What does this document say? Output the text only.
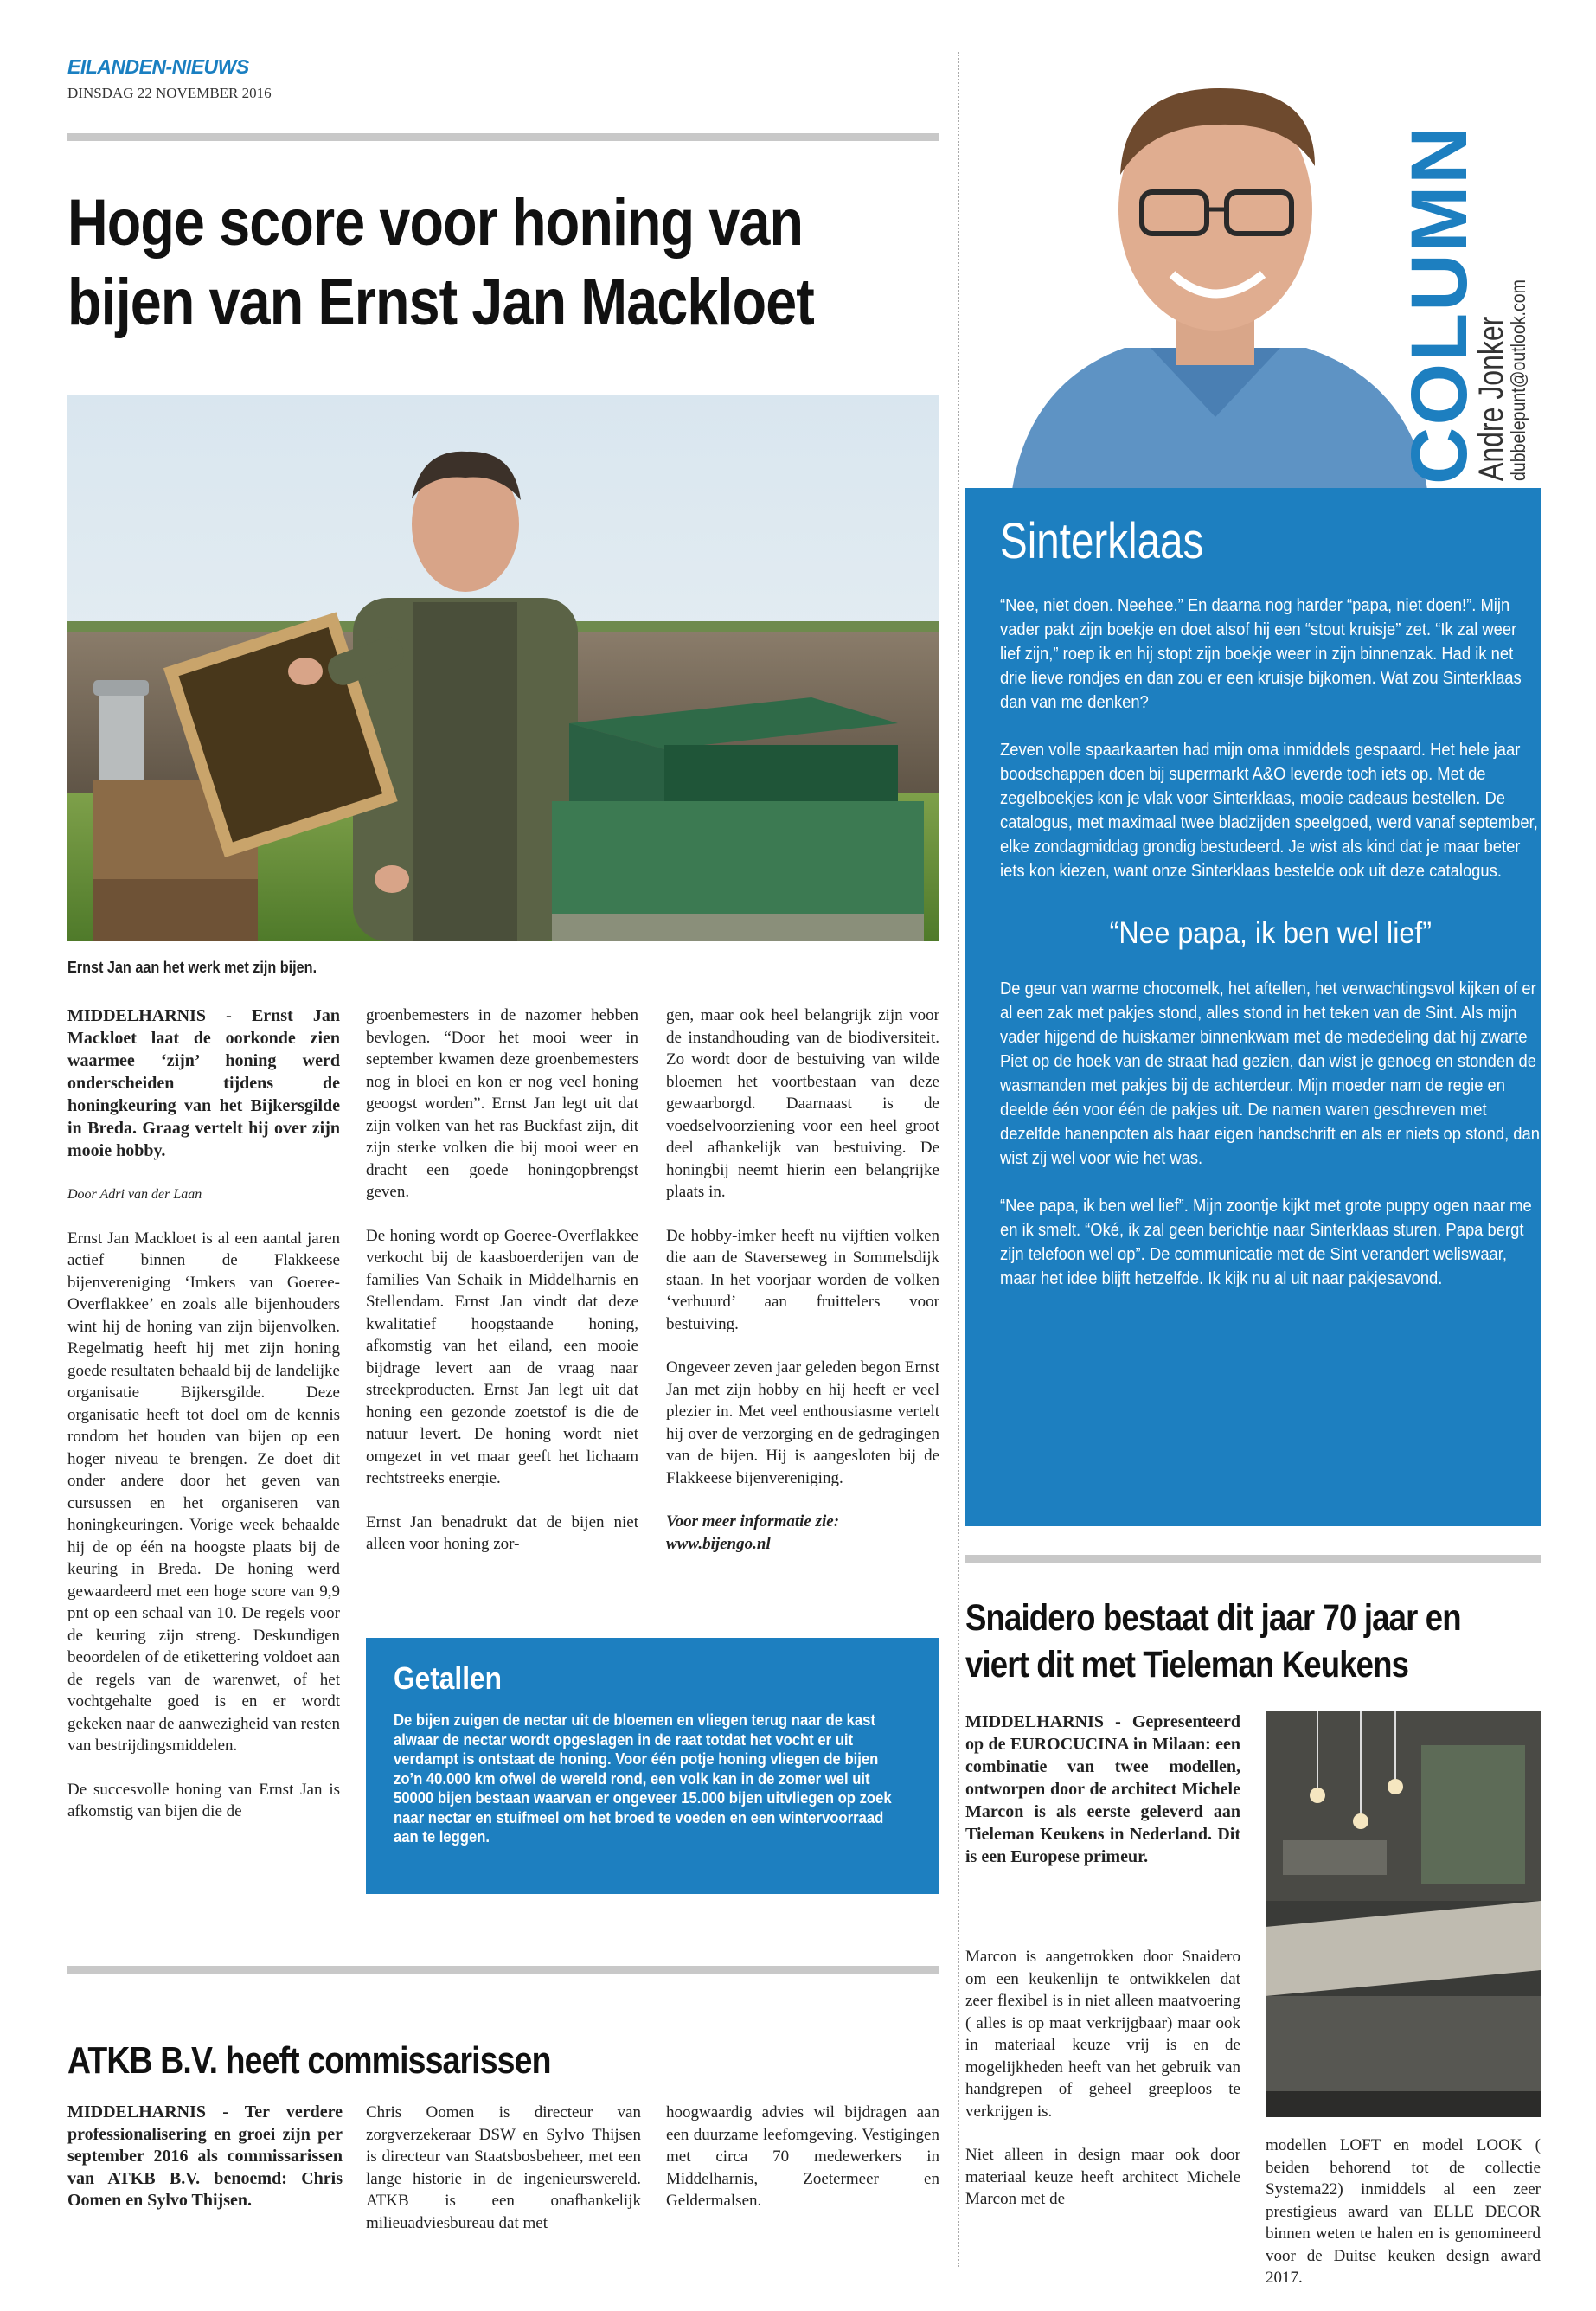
EILANDEN-NIEUWS
DINSDAG 22 NOVEMBER 2016
Hoge score voor honing van
bijen van Ernst Jan Mackloet
Ernst Jan aan het werk met zijn bijen.

MIDDELHARNIS - Ernst Jan Mackloet laat de oorkonde zien waarmee ‘zijn’ honing werd onderscheiden tijdens de honingkeuring van het Bijkersgilde in Breda. Graag vertelt hij over zijn mooie hobby.

Door Adri van der Laan

Ernst Jan Mackloet is al een aantal jaren actief binnen de Flakkeese bijenvereniging ‘Imkers van Goeree-Overflakkee’ en zoals alle bijenhouders wint hij de honing van zijn bijenvolken. Regelmatig heeft hij met zijn honing goede resultaten behaald bij de landelijke organisatie Bijkersgilde. Deze organisatie heeft tot doel om de kennis rondom het houden van bijen op een hoger niveau te brengen. Ze doet dit onder andere door het geven van cursussen en het organiseren van honingkeuringen. Vorige week behaalde hij de op één na hoogste plaats bij de keuring in Breda. De honing werd gewaardeerd met een hoge score van 9,9 pnt op een schaal van 10. De regels voor de keuring zijn streng. Deskundigen beoordelen of de etikettering voldoet aan de regels van de warenwet, of het vochtgehalte goed is en er wordt gekeken naar de aanwezigheid van resten van bestrijdingsmiddelen.

De succesvolle honing van Ernst Jan is afkomstig van bijen die de

groenbemesters in de nazomer hebben bevlogen. “Door het mooi weer in september kwamen deze groenbemesters nog in bloei en kon er nog veel honing geoogst worden”. Ernst Jan legt uit dat zijn volken van het ras Buckfast zijn, dit zijn sterke volken die bij mooi weer en dracht een goede honingopbrengst geven.

De honing wordt op Goeree-Overflakkee verkocht bij de kaasboerderijen van de families Van Schaik in Middelharnis en Stellendam. Ernst Jan vindt dat deze kwalitatief hoogstaande honing, afkomstig van het eiland, een mooie bijdrage levert aan de vraag naar streekproducten. Ernst Jan legt uit dat honing een gezonde zoetstof is die de natuur levert. De honing wordt niet omgezet in vet maar geeft het lichaam rechtstreeks energie.

Ernst Jan benadrukt dat de bijen niet alleen voor honing zor-

gen, maar ook heel belangrijk zijn voor de instandhouding van de biodiversiteit. Zo wordt door de bestuiving van wilde bloemen het voortbestaan van deze gewaarborgd. Daarnaast is de voedselvoorziening voor een heel groot deel afhankelijk van bestuiving. De honingbij neemt hierin een belangrijke plaats in.

De hobby-imker heeft nu vijftien volken die aan de Staverseweg in Sommelsdijk staan. In het voorjaar worden de volken ‘verhuurd’ aan fruittelers voor bestuiving.

Ongeveer zeven jaar geleden begon Ernst Jan met zijn hobby en hij heeft er veel plezier in. Met veel enthousiasme vertelt hij over de verzorging en de gedragingen van de bijen. Hij is aangesloten bij de Flakkeese bijenvereniging.

Voor meer informatie zie:
www.bijengo.nl
Getallen
De bijen zuigen de nectar uit de bloemen en vliegen terug naar de kast alwaar de nectar wordt opgeslagen in de raat totdat het vocht er uit verdampt is ontstaat de honing. Voor één potje honing vliegen de bijen zo’n 40.000 km ofwel de wereld rond, een volk kan in de zomer wel uit 50000 bijen bestaan waarvan er ongeveer 15.000 bijen uitvliegen op zoek naar nectar en stuifmeel om het broed te voeden en een wintervoorraad aan te leggen.
ATKB B.V. heeft commissarissen

MIDDELHARNIS - Ter verdere professionalisering en groei zijn per september 2016 als commissarissen van ATKB B.V. benoemd: Chris Oomen en Sylvo Thijsen.

Chris Oomen is directeur van zorgverzekeraar DSW en Sylvo Thijsen is directeur van Staatsbosbeheer, met een lange historie in de ingenieurswereld. ATKB is een onafhankelijk milieuadviesbureau dat met

hoogwaardig advies wil bijdragen aan een duurzame leefomgeving. Vestigingen met circa 70 medewerkers in Middelharnis, Zoetermeer en Geldermalsen.

COLUMN
Andre Jonker
dubbelepunt@outlook.com
Sinterklaas

“Nee, niet doen. Neehee.” En daarna nog harder “papa, niet doen!”. Mijn vader pakt zijn boekje en doet alsof hij een “stout kruisje” zet. “Ik zal weer lief zijn,” roep ik en hij stopt zijn boekje weer in zijn binnenzak. Had ik net drie lieve rondjes en dan zou er een kruisje bijkomen. Wat zou Sinterklaas dan van me denken?

Zeven volle spaarkaarten had mijn oma inmiddels gespaard. Het hele jaar boodschappen doen bij supermarkt A&O leverde toch iets op. Met de zegelboekjes kon je vlak voor Sinterklaas, mooie cadeaus bestellen. De catalogus, met maximaal twee bladzijden speelgoed, werd vanaf september, elke zondagmiddag grondig bestudeerd. Je wist als kind dat je maar beter iets kon kiezen, want onze Sinterklaas bestelde ook uit deze catalogus.

“Nee papa, ik ben wel lief”

De geur van warme chocomelk, het aftellen, het verwachtingsvol kijken of er al een zak met pakjes stond, alles stond in het teken van de Sint. Als mijn vader hijgend de huiskamer binnenkwam met de mededeling dat hij zwarte Piet op de hoek van de straat had gezien, dan wist je genoeg en stonden de wasmanden met pakjes bij de achterdeur. Mijn moeder nam de regie en deelde één voor één de pakjes uit. De namen waren geschreven met dezelfde hanenpoten als haar eigen handschrift en als er niets op stond, dan wist zij wel voor wie het was.

“Nee papa, ik ben wel lief”. Mijn zoontje kijkt met grote puppy ogen naar me en ik smelt. “Oké, ik zal geen berichtje naar Sinterklaas sturen. Papa bergt zijn telefoon wel op”. De communicatie met de Sint verandert weliswaar, maar het idee blijft hetzelfde. Ik kijk nu al uit naar pakjesavond.

Snaidero bestaat dit jaar 70 jaar en
viert dit met Tieleman Keukens

MIDDELHARNIS - Gepresenteerd op de EUROCUCINA in Milaan: een combinatie van twee modellen, ontworpen door de architect Michele Marcon is als eerste geleverd aan Tieleman Keukens in Nederland. Dit is een Europese primeur.

Marcon is aangetrokken door Snaidero om een keukenlijn te ontwikkelen dat zeer flexibel is in niet alleen maatvoering ( alles is op maat verkrijgbaar) maar ook in materiaal keuze vrij is en de mogelijkheden heeft van het gebruik van handgrepen of geheel greeploos te verkrijgen is.

Niet alleen in design maar ook door materiaal keuze heeft architect Michele Marcon met de

modellen LOFT en model LOOK ( beiden behorend tot de collectie Systema22) inmiddels al een zeer prestigieus award van ELLE DECOR binnen weten te halen en is genomineerd voor de Duitse keuken design award 2017.
